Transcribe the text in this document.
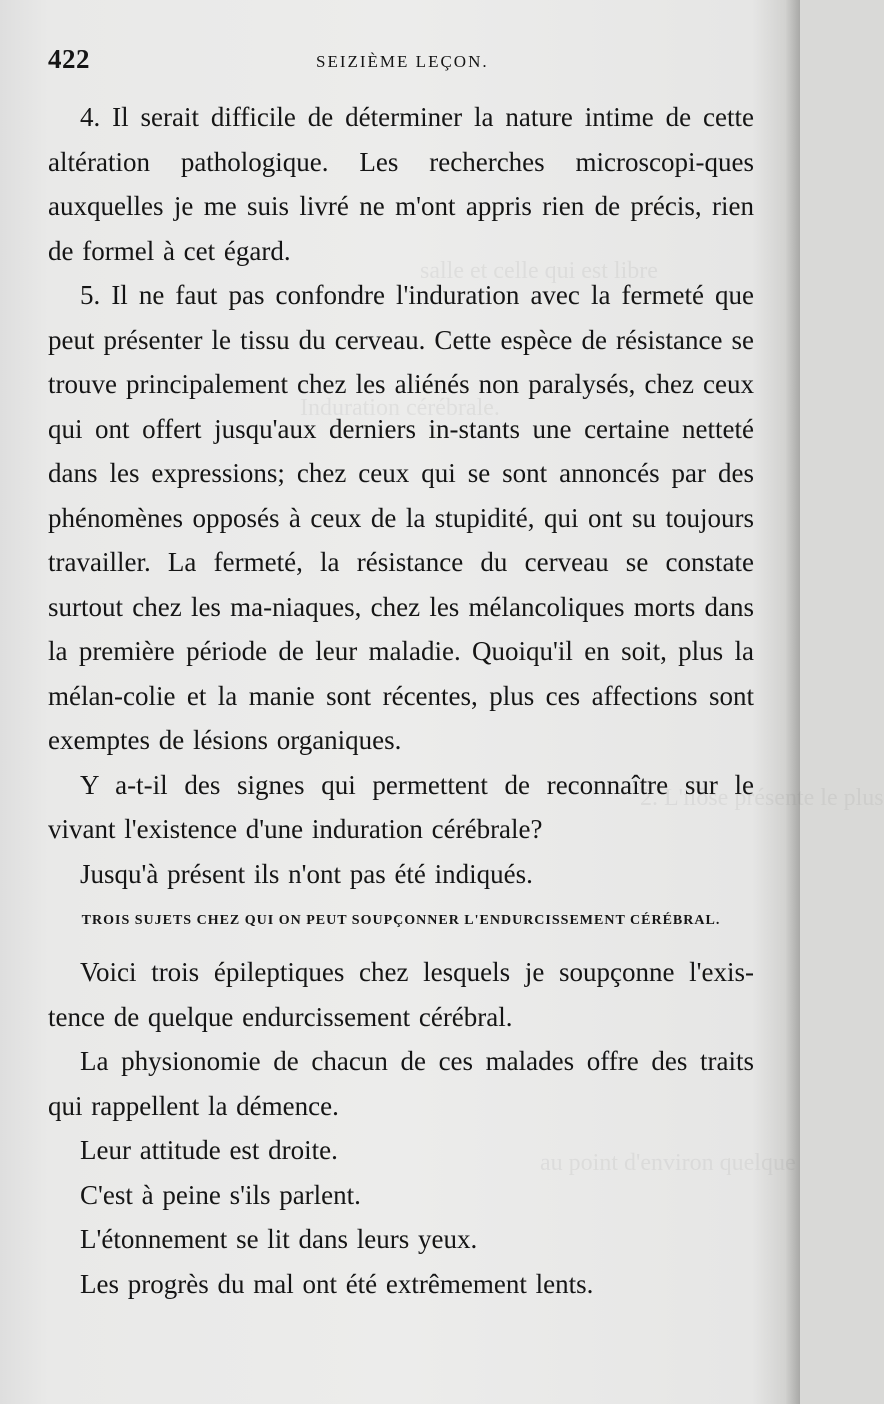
salle et celle qui est libre
Induration cérébrale.
2. L'ilôse présente le plus
au point d'environ quelque
422	SEIZIÈME LEÇON.

4. Il serait difficile de déterminer la nature intime de cette altération pathologique. Les recherches microscopi-ques auxquelles je me suis livré ne m'ont appris rien de précis, rien de formel à cet égard.

5. Il ne faut pas confondre l'induration avec la fermeté que peut présenter le tissu du cerveau. Cette espèce de résistance se trouve principalement chez les aliénés non paralysés, chez ceux qui ont offert jusqu'aux derniers in-stants une certaine netteté dans les expressions; chez ceux qui se sont annoncés par des phénomènes opposés à ceux de la stupidité, qui ont su toujours travailler. La fermeté, la résistance du cerveau se constate surtout chez les ma-niaques, chez les mélancoliques morts dans la première période de leur maladie. Quoiqu'il en soit, plus la mélan-colie et la manie sont récentes, plus ces affections sont exemptes de lésions organiques.

Y a-t-il des signes qui permettent de reconnaître sur le vivant l'existence d'une induration cérébrale?

Jusqu'à présent ils n'ont pas été indiqués.

TROIS SUJETS CHEZ QUI ON PEUT SOUPÇONNER L'ENDURCISSEMENT CÉRÉBRAL.

Voici trois épileptiques chez lesquels je soupçonne l'exis-tence de quelque endurcissement cérébral.

La physionomie de chacun de ces malades offre des traits qui rappellent la démence.

Leur attitude est droite.

C'est à peine s'ils parlent.

L'étonnement se lit dans leurs yeux.

Les progrès du mal ont été extrêmement lents.
